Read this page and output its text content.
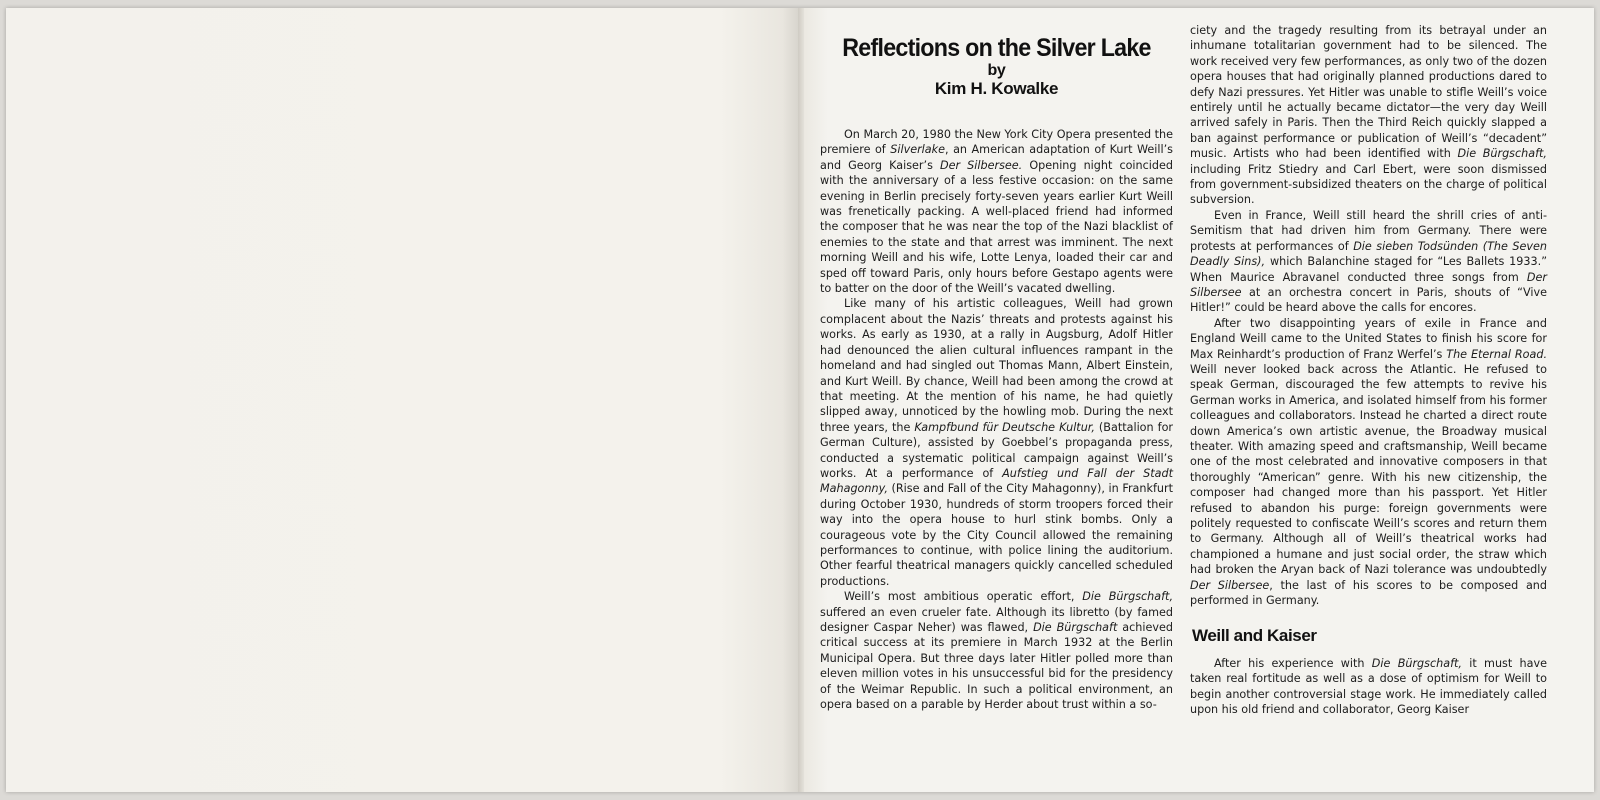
Reflections on the Silver Lake
by
Kim H. Kowalke

On March 20, 1980 the New York City Opera presented the premiere of Silverlake, an American adaptation of Kurt Weill’s and Georg Kaiser’s Der Silbersee. Opening night coincided with the anniversary of a less festive occasion: on the same evening in Berlin precisely forty-seven years earlier Kurt Weill was frenetically packing. A well-placed friend had informed the composer that he was near the top of the Nazi blacklist of enemies to the state and that arrest was imminent. The next morning Weill and his wife, Lotte Lenya, loaded their car and sped off toward Paris, only hours before Gestapo agents were to batter on the door of the Weill’s vacated dwelling.

Like many of his artistic colleagues, Weill had grown complacent about the Nazis’ threats and protests against his works. As early as 1930, at a rally in Augsburg, Adolf Hitler had denounced the alien cultural influences rampant in the homeland and had singled out Thomas Mann, Albert Einstein, and Kurt Weill. By chance, Weill had been among the crowd at that meeting. At the mention of his name, he had quietly slipped away, unnoticed by the howling mob. During the next three years, the Kampfbund für Deutsche Kultur, (Battalion for German Culture), assisted by Goebbel’s propaganda press, conducted a systematic political campaign against Weill’s works. At a performance of Aufstieg und Fall der Stadt Mahagonny, (Rise and Fall of the City Mahagonny), in Frankfurt during October 1930, hundreds of storm troopers forced their way into the opera house to hurl stink bombs. Only a courageous vote by the City Council allowed the remaining performances to continue, with police lining the auditorium. Other fearful theatrical managers quickly cancelled scheduled productions.

Weill’s most ambitious operatic effort, Die Bürgschaft, suffered an even crueler fate. Although its libretto (by famed designer Caspar Neher) was flawed, Die Bürgschaft achieved critical success at its premiere in March 1932 at the Berlin Municipal Opera. But three days later Hitler polled more than eleven million votes in his unsuccessful bid for the presidency of the Weimar Republic. In such a political environment, an opera based on a parable by Herder about trust within a so-

ciety and the tragedy resulting from its betrayal under an inhumane totalitarian government had to be silenced. The work received very few performances, as only two of the dozen opera houses that had originally planned productions dared to defy Nazi pressures. Yet Hitler was unable to stifle Weill’s voice entirely until he actually became dictator—the very day Weill arrived safely in Paris. Then the Third Reich quickly slapped a ban against performance or publication of Weill’s “decadent” music. Artists who had been identified with Die Bürgschaft, including Fritz Stiedry and Carl Ebert, were soon dismissed from government-subsidized theaters on the charge of political subversion.

Even in France, Weill still heard the shrill cries of anti-Semitism that had driven him from Germany. There were protests at performances of Die sieben Todsünden (The Seven Deadly Sins), which Balanchine staged for “Les Ballets 1933.” When Maurice Abravanel conducted three songs from Der Silbersee at an orchestra concert in Paris, shouts of “Vive Hitler!” could be heard above the calls for encores.

After two disappointing years of exile in France and England Weill came to the United States to finish his score for Max Reinhardt’s production of Franz Werfel’s The Eternal Road. Weill never looked back across the Atlantic. He refused to speak German, discouraged the few attempts to revive his German works in America, and isolated himself from his former colleagues and collaborators. Instead he charted a direct route down America’s own artistic avenue, the Broadway musical theater. With amazing speed and craftsmanship, Weill became one of the most celebrated and innovative composers in that thoroughly “American” genre. With his new citizenship, the composer had changed more than his passport. Yet Hitler refused to abandon his purge: foreign governments were politely requested to confiscate Weill’s scores and return them to Germany. Although all of Weill’s theatrical works had championed a humane and just social order, the straw which had broken the Aryan back of Nazi tolerance was undoubtedly Der Silbersee, the last of his scores to be composed and performed in Germany.

Weill and Kaiser

After his experience with Die Bürgschaft, it must have taken real fortitude as well as a dose of optimism for Weill to begin another controversial stage work. He immediately called upon his old friend and collaborator, Georg Kaiser
